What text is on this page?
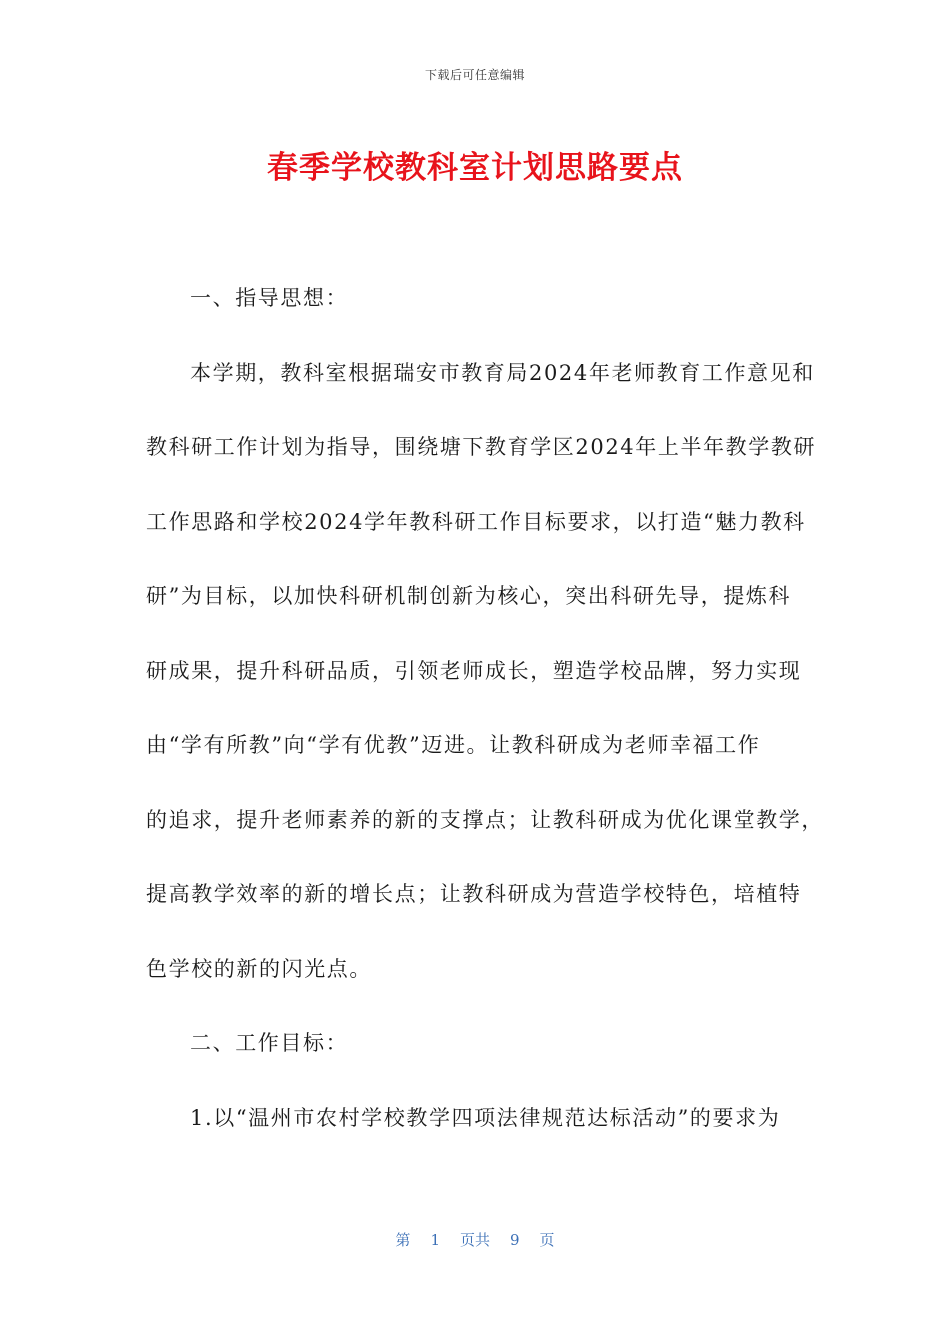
下载后可任意编辑
春季学校教科室计划思路要点
一、指导思想：
本学期，教科室根据瑞安市教育局2024年老师教育工作意见和
教科研工作计划为指导，围绕塘下教育学区2024年上半年教学教研
工作思路和学校2024学年教科研工作目标要求，以打造“魅力教科
研”为目标，以加快科研机制创新为核心，突出科研先导，提炼科
研成果，提升科研品质，引领老师成长，塑造学校品牌，努力实现
由“学有所教”向“学有优教”迈进。让教科研成为老师幸福工作
的追求，提升老师素养的新的支撑点；让教科研成为优化课堂教学，
提高教学效率的新的增长点；让教科研成为营造学校特色，培植特
色学校的新的闪光点。
二、工作目标：
1.以“温州市农村学校教学四项法律规范达标活动”的要求为
第 1 页共 9 页
